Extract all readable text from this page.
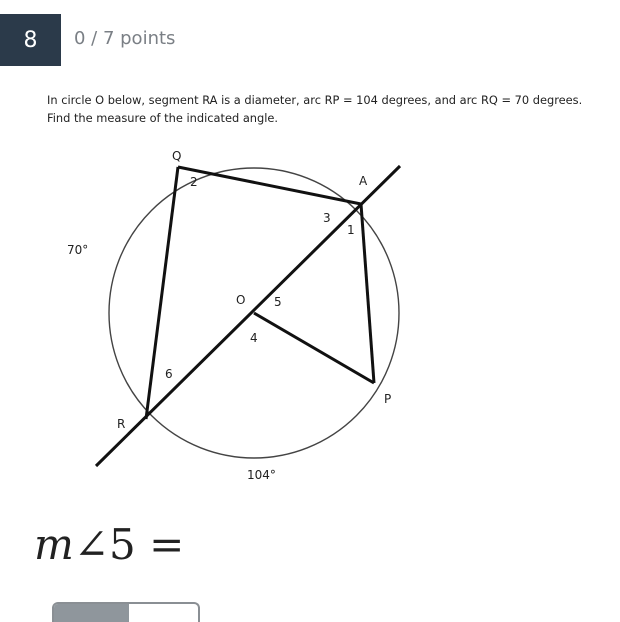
8	0 / 7 points
In circle O below, segment RA is a diameter, arc RP = 104 degrees, and arc RQ = 70 degrees. Find the measure of the indicated angle.
Q
A
O
R
P
2
3
1
5
4
6
70°
104°
m∠5 =
